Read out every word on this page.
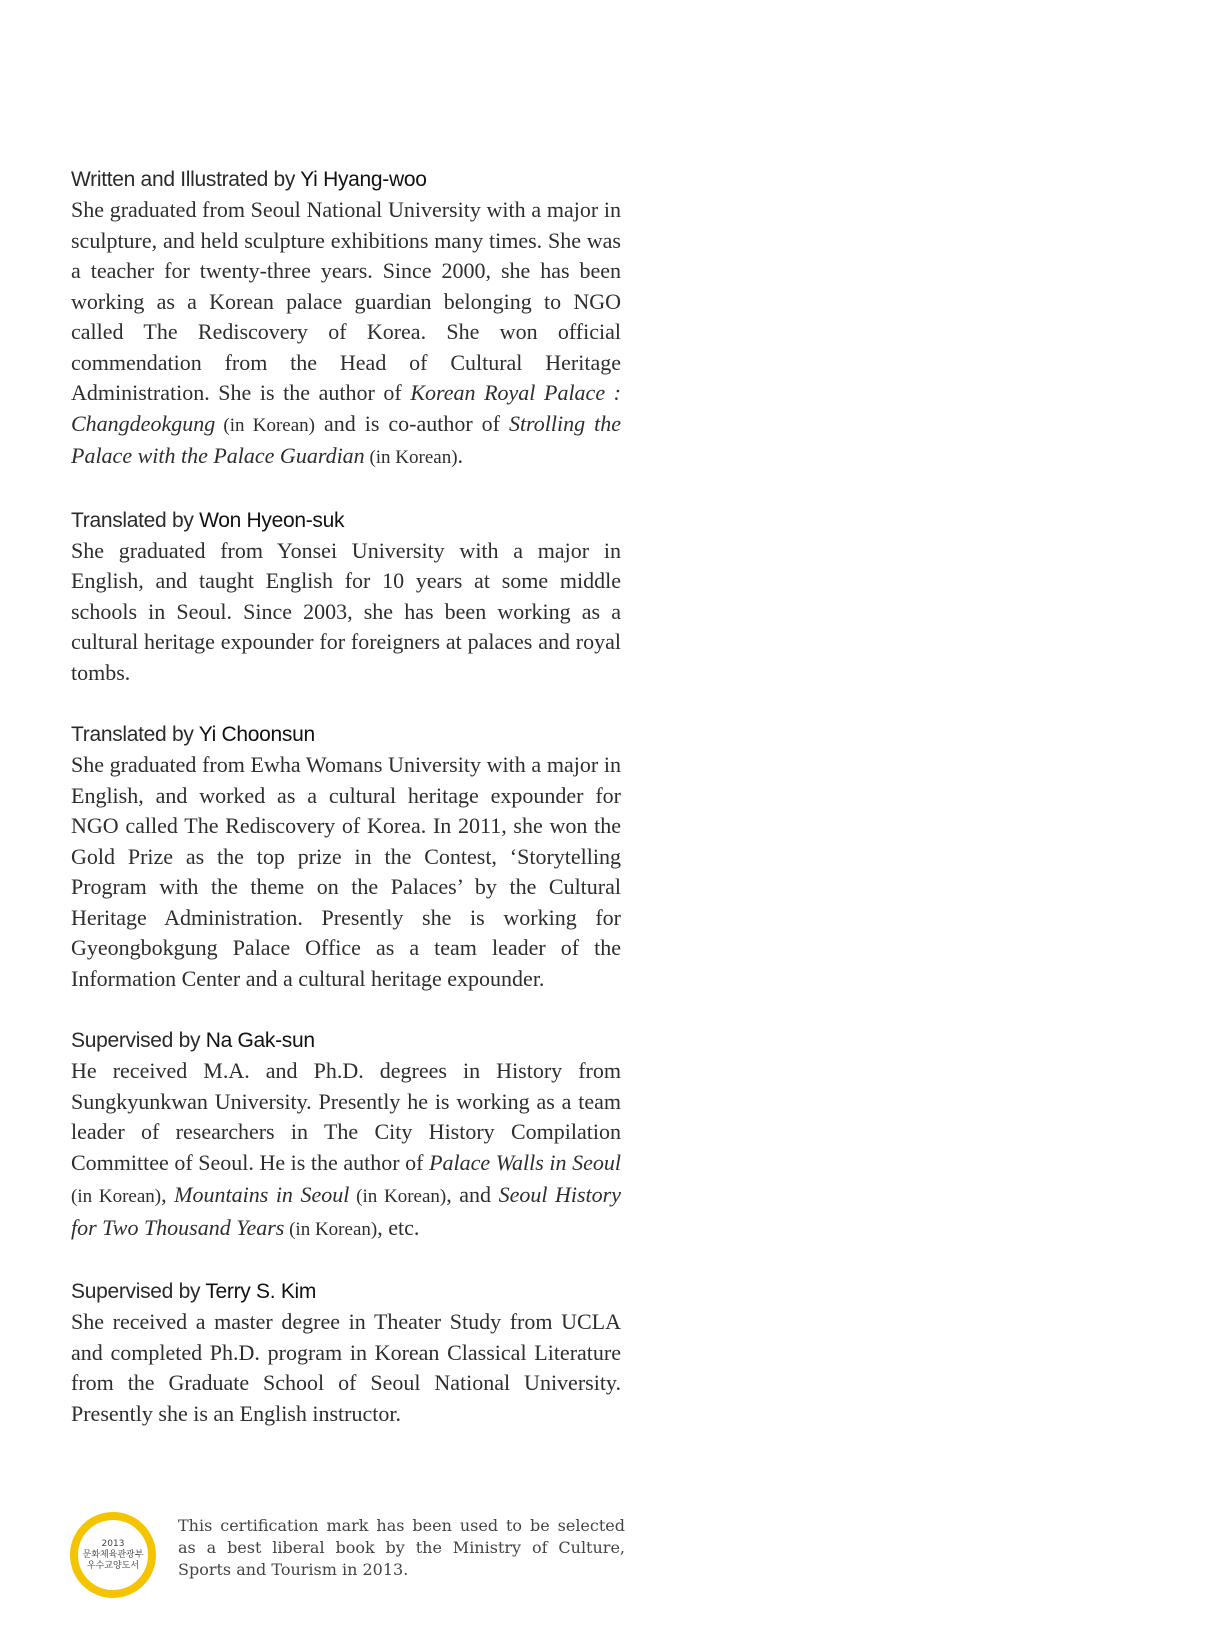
Written and Illustrated by Yi Hyang-woo

She graduated from Seoul National University with a major in sculpture, and held sculpture exhibitions many times. She was a teacher for twenty-three years. Since 2000, she has been working as a Korean palace guardian belonging to NGO called The Rediscovery of Korea. She won official commendation from the Head of Cultural Heritage Administration. She is the author of Korean Royal Palace : Changdeokgung (in Korean) and is co-author of Strolling the Palace with the Palace Guardian (in Korean).

Translated by Won Hyeon-suk

She graduated from Yonsei University with a major in English, and taught English for 10 years at some middle schools in Seoul. Since 2003, she has been working as a cultural heritage expounder for foreigners at palaces and royal tombs.

Translated by Yi Choonsun

She graduated from Ewha Womans University with a major in English, and worked as a cultural heritage expounder for NGO called The Rediscovery of Korea. In 2011, she won the Gold Prize as the top prize in the Contest, ‘Storytelling Program with the theme on the Palaces’ by the Cultural Heritage Administration. Presently she is working for Gyeongbokgung Palace Office as a team leader of the Information Center and a cultural heritage expounder.

Supervised by Na Gak-sun

He received M.A. and Ph.D. degrees in History from Sungkyunkwan University. Presently he is working as a team leader of researchers in The City History Compilation Committee of Seoul. He is the author of Palace Walls in Seoul (in Korean), Mountains in Seoul (in Korean), and Seoul History for Two Thousand Years (in Korean), etc.

Supervised by Terry S. Kim

She received a master degree in Theater Study from UCLA and completed Ph.D. program in Korean Classical Literature from the Graduate School of Seoul National University. Presently she is an English instructor.

2013
문화체육관광부
우수교양도서
This certification mark has been used to be selected as a best liberal book by the Ministry of Culture, Sports and Tourism in 2013.
